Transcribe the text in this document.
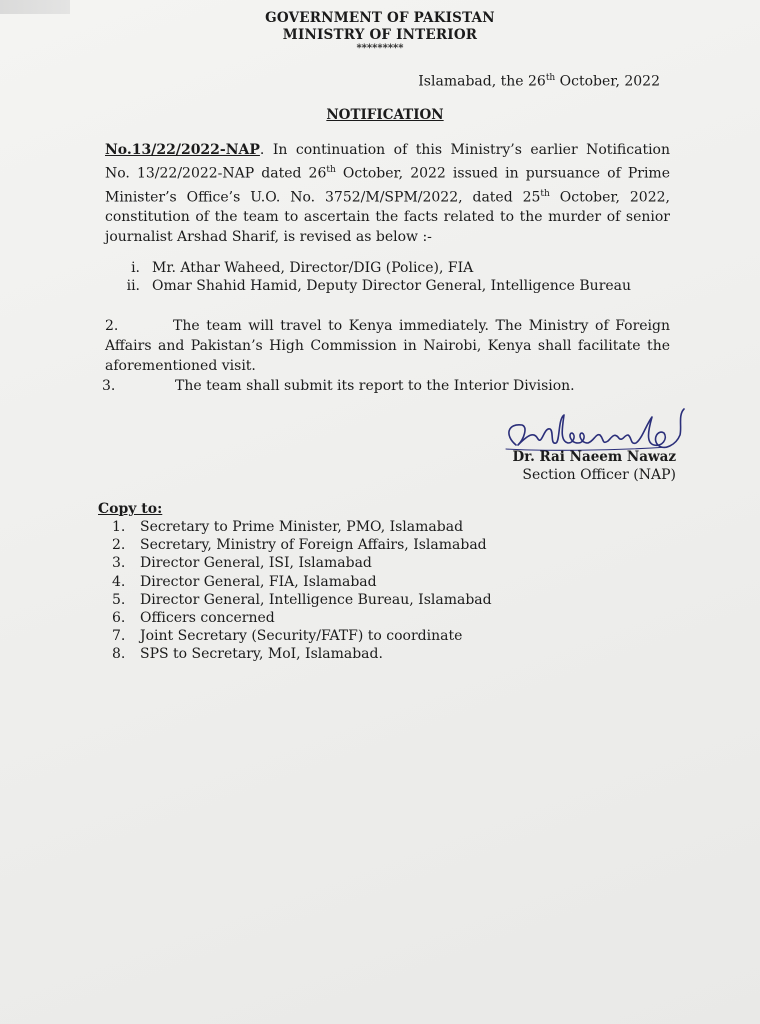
GOVERNMENT OF PAKISTAN
MINISTRY OF INTERIOR
*********
Islamabad, the 26th October, 2022
NOTIFICATION
No.13/22/2022-NAP. In continuation of this Ministry’s earlier Notification No. 13/22/2022-NAP dated 26th October, 2022 issued in pursuance of Prime Minister’s Office’s U.O. No. 3752/M/SPM/2022, dated 25th October, 2022, constitution of the team to ascertain the facts related to the murder of senior journalist Arshad Sharif, is revised as below :-
i. Mr. Athar Waheed, Director/DIG (Police), FIA
ii. Omar Shahid Hamid, Deputy Director General, Intelligence Bureau
2.	The team will travel to Kenya immediately. The Ministry of Foreign Affairs and Pakistan’s High Commission in Nairobi, Kenya shall facilitate the aforementioned visit.
3.	The team shall submit its report to the Interior Division.
Dr. Rai Naeem Nawaz
Section Officer (NAP)
Copy to:
1. Secretary to Prime Minister, PMO, Islamabad
2. Secretary, Ministry of Foreign Affairs, Islamabad
3. Director General, ISI, Islamabad
4. Director General, FIA, Islamabad
5. Director General, Intelligence Bureau, Islamabad
6. Officers concerned
7. Joint Secretary (Security/FATF) to coordinate
8. SPS to Secretary, MoI, Islamabad.
